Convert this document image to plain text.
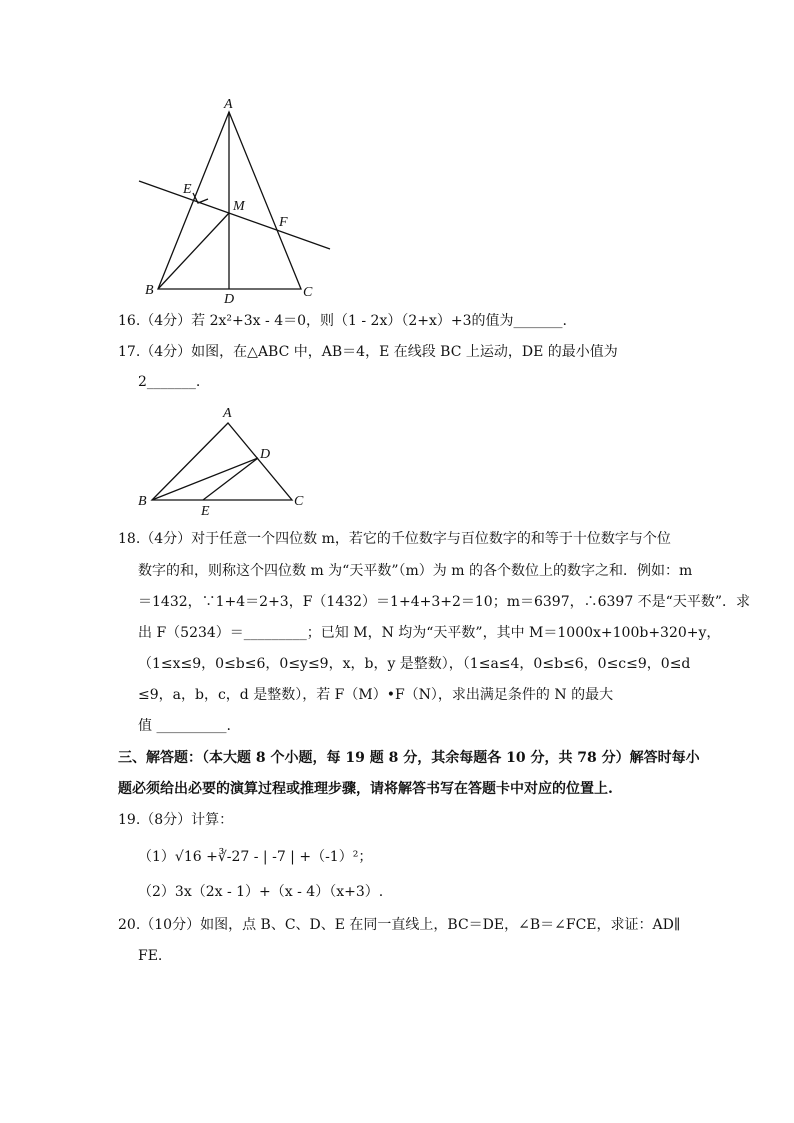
A
B	C
D
E
F
M
A
B	C
D
E
16.（4分）若 2x²+3x - 4＝0，则（1 - 2x）（2+x）+3的值为_______.
17.（4分）如图，在△ABC 中，AB＝4，E 在线段 BC 上运动，DE 的最小值为
2_______.
18.（4分）对于任意一个四位数 m，若它的千位数字与百位数字的和等于十位数字与个位
数字的和，则称这个四位数 m 为“天平数”（m）为 m 的各个数位上的数字之和．例如：m
＝1432，∵1+4＝2+3，F（1432）＝1+4+3+2＝10；m＝6397，∴6397 不是“天平数”．求
出 F（5234）＝_________；已知 M，N 均为“天平数”，其中 M＝1000x+100b+320+y，
（1≤x≤9，0≤b≤6，0≤y≤9，x，b，y 是整数），（1≤a≤4，0≤b≤6，0≤c≤9，0≤d
≤9，a，b，c，d 是整数），若 F（M）•F（N），求出满足条件的 N 的最大
值 __________.
三、解答题：（本大题 8 个小题，每 19 题 8 分，其余每题各 10 分，共 78 分）解答时每小
题必须给出必要的演算过程或推理步骤，请将解答书写在答题卡中对应的位置上.
19.（8分）计算：
（1）√16 +∛-27 - | -7 | +（-1）²；
（2）3x（2x - 1）+（x - 4）（x+3）.
20.（10分）如图，点 B、C、D、E 在同一直线上，BC＝DE，∠B＝∠FCE，求证：AD∥
FE.
